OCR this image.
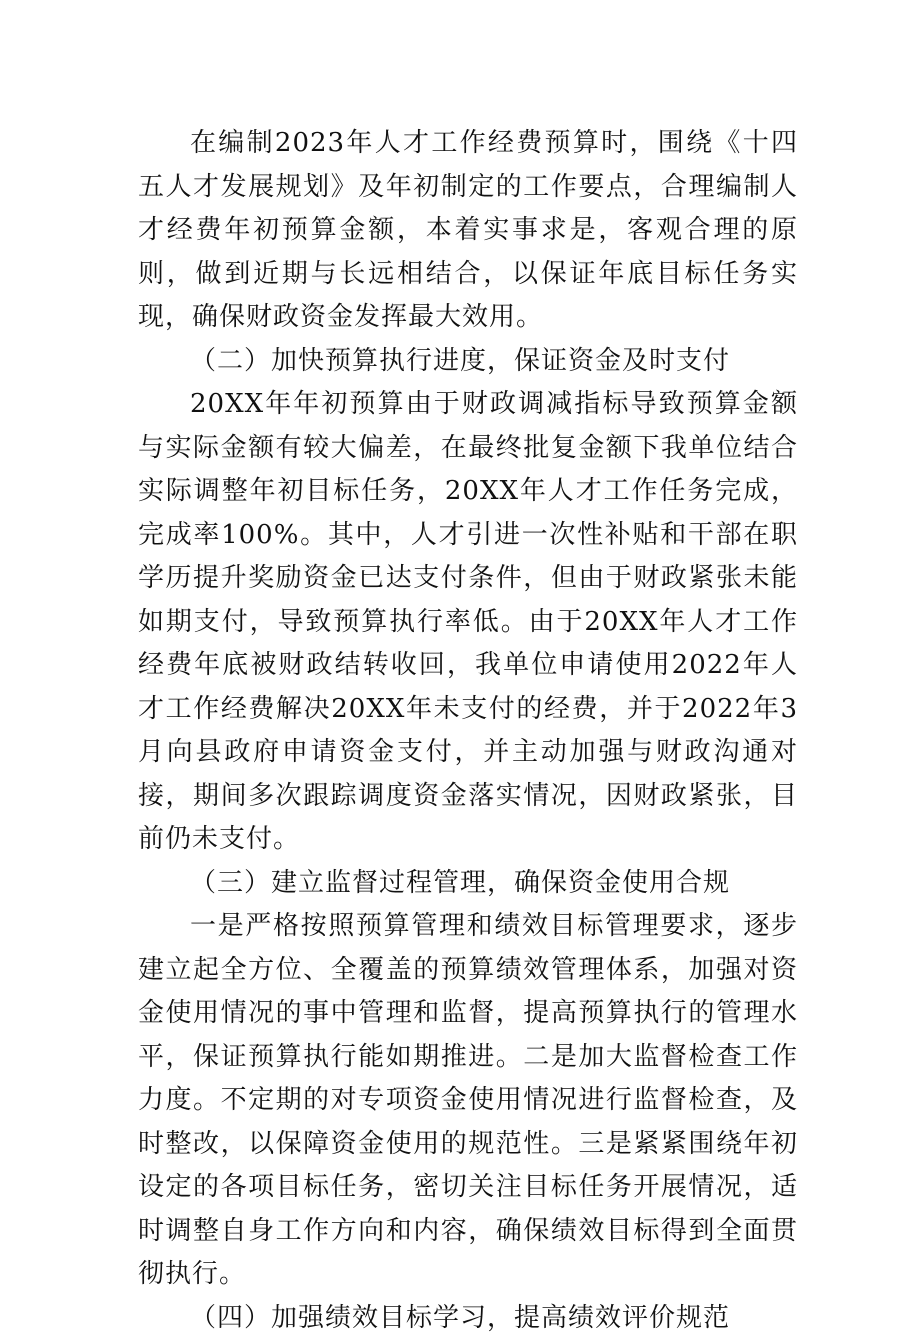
在编制2023年人才工作经费预算时，围绕《十四五人才发展规划》及年初制定的工作要点，合理编制人才经费年初预算金额，本着实事求是，客观合理的原则，做到近期与长远相结合，以保证年底目标任务实现，确保财政资金发挥最大效用。

（二）加快预算执行进度，保证资金及时支付

20XX年年初预算由于财政调减指标导致预算金额与实际金额有较大偏差，在最终批复金额下我单位结合实际调整年初目标任务，20XX年人才工作任务完成，完成率100%。其中，人才引进一次性补贴和干部在职学历提升奖励资金已达支付条件，但由于财政紧张未能如期支付，导致预算执行率低。由于20XX年人才工作经费年底被财政结转收回，我单位申请使用2022年人才工作经费解决20XX年未支付的经费，并于2022年3月向县政府申请资金支付，并主动加强与财政沟通对接，期间多次跟踪调度资金落实情况，因财政紧张，目前仍未支付。

（三）建立监督过程管理，确保资金使用合规

一是严格按照预算管理和绩效目标管理要求，逐步建立起全方位、全覆盖的预算绩效管理体系，加强对资金使用情况的事中管理和监督，提高预算执行的管理水平，保证预算执行能如期推进。二是加大监督检查工作力度。不定期的对专项资金使用情况进行监督检查，及时整改，以保障资金使用的规范性。三是紧紧围绕年初设定的各项目标任务，密切关注目标任务开展情况，适时调整自身工作方向和内容，确保绩效目标得到全面贯彻执行。

（四）加强绩效目标学习，提高绩效评价规范
